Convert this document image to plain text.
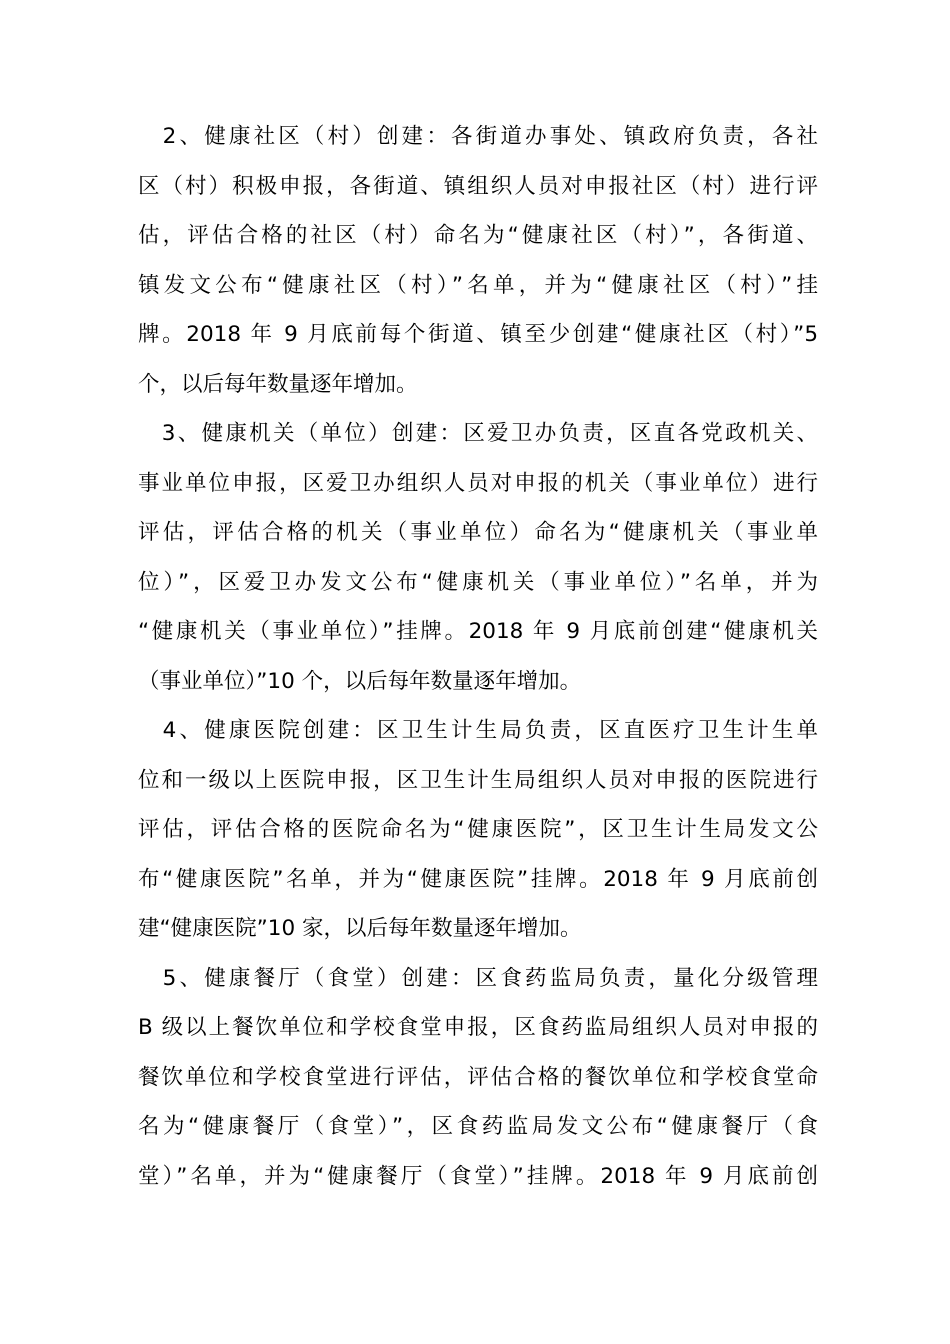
　2、健康社区（村）创建：各街道办事处、镇政府负责，各社
区（村）积极申报，各街道、镇组织人员对申报社区（村）进行评
估，评估合格的社区（村）命名为“健康社区（村）”，各街道、
镇发文公布“健康社区（村）”名单，并为“健康社区（村）”挂
牌。2018 年 9 月底前每个街道、镇至少创建“健康社区（村）”5
个，以后每年数量逐年增加。
　3、健康机关（单位）创建：区爱卫办负责，区直各党政机关、
事业单位申报，区爱卫办组织人员对申报的机关（事业单位）进行
评估，评估合格的机关（事业单位）命名为“健康机关（事业单
位）”，区爱卫办发文公布“健康机关（事业单位）”名单，并为
“健康机关（事业单位）”挂牌。2018 年 9 月底前创建“健康机关
（事业单位）”10 个，以后每年数量逐年增加。
　4、健康医院创建：区卫生计生局负责，区直医疗卫生计生单
位和一级以上医院申报，区卫生计生局组织人员对申报的医院进行
评估，评估合格的医院命名为“健康医院”，区卫生计生局发文公
布“健康医院”名单，并为“健康医院”挂牌。2018 年 9 月底前创
建“健康医院”10 家，以后每年数量逐年增加。
　5、健康餐厅（食堂）创建：区食药监局负责，量化分级管理
B 级以上餐饮单位和学校食堂申报，区食药监局组织人员对申报的
餐饮单位和学校食堂进行评估，评估合格的餐饮单位和学校食堂命
名为“健康餐厅（食堂）”，区食药监局发文公布“健康餐厅（食
堂）”名单，并为“健康餐厅（食堂）”挂牌。2018 年 9 月底前创
